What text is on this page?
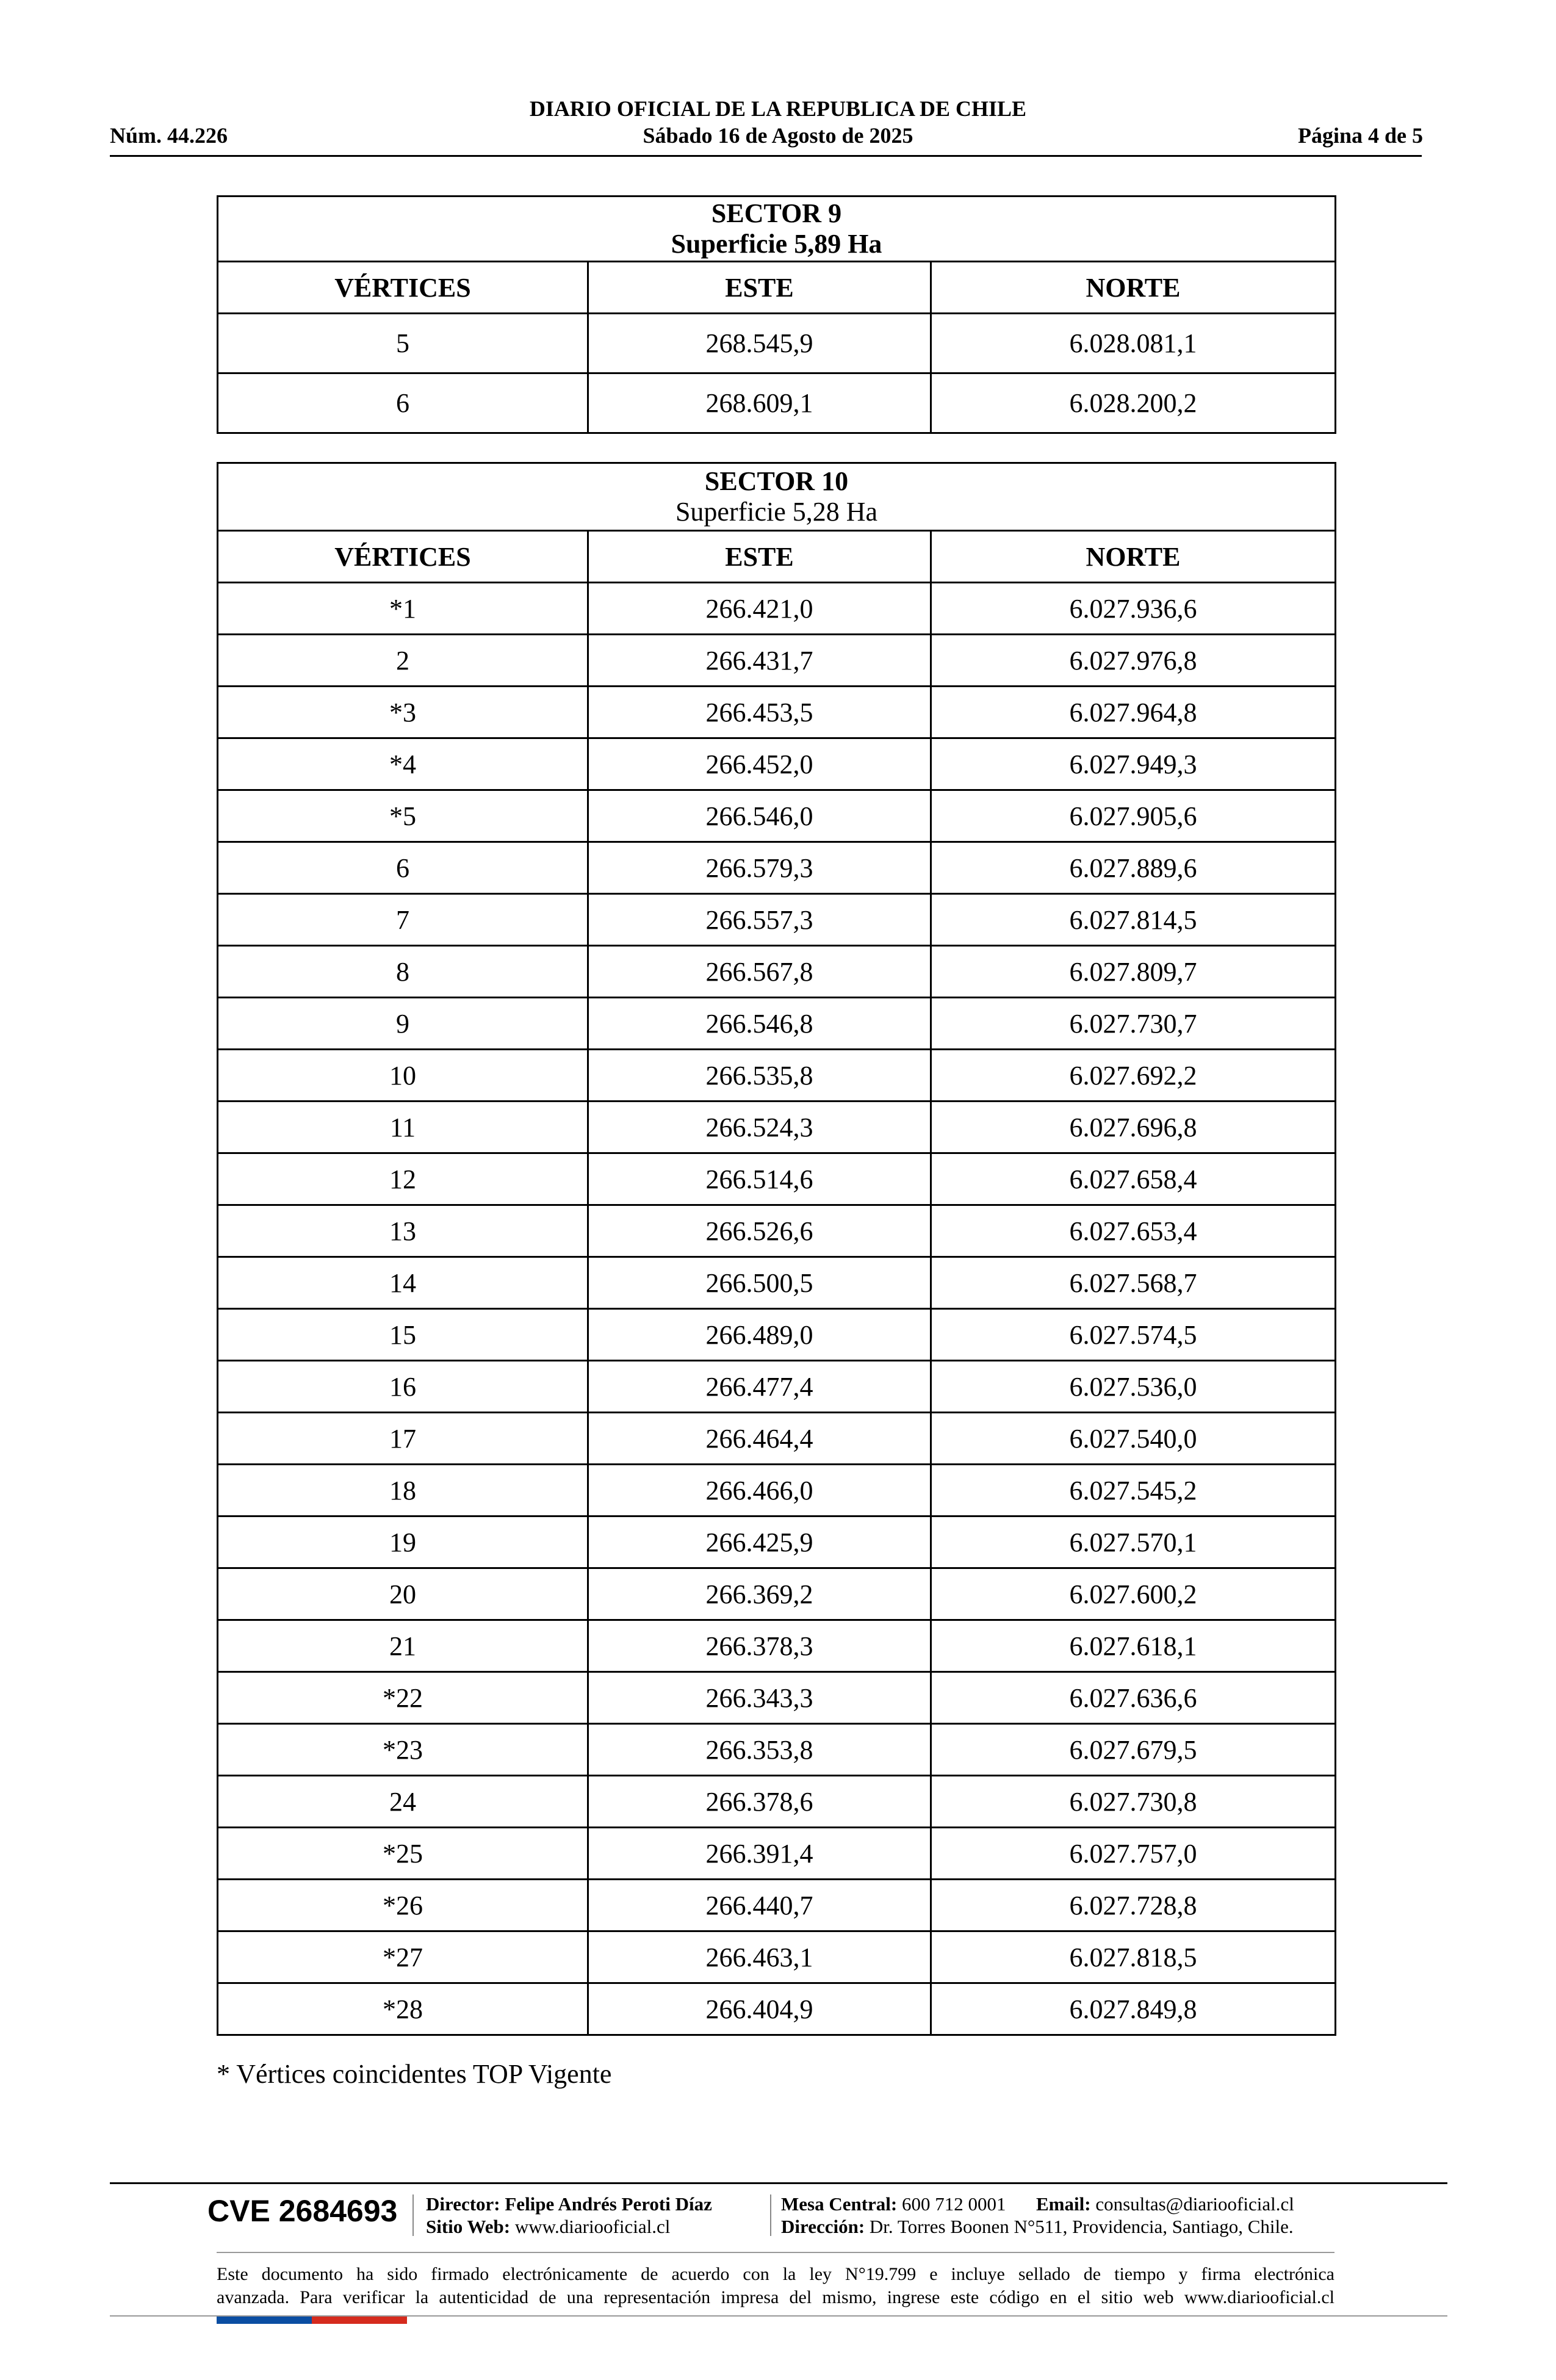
DIARIO OFICIAL DE LA REPUBLICA DE CHILE
Núm. 44.226	Sábado 16 de Agosto de 2025	Página 4 de 5
SECTOR 9
Superficie 5,89 Ha		

VÉRTICES	ESTE	NORTE
5	268.545,9	6.028.081,1
6	268.609,1	6.028.200,2
SECTOR 10
Superficie 5,28 Ha		

VÉRTICES	ESTE	NORTE
*1	266.421,0	6.027.936,6
2	266.431,7	6.027.976,8
*3	266.453,5	6.027.964,8
*4	266.452,0	6.027.949,3
*5	266.546,0	6.027.905,6
6	266.579,3	6.027.889,6
7	266.557,3	6.027.814,5
8	266.567,8	6.027.809,7
9	266.546,8	6.027.730,7
10	266.535,8	6.027.692,2
11	266.524,3	6.027.696,8
12	266.514,6	6.027.658,4
13	266.526,6	6.027.653,4
14	266.500,5	6.027.568,7
15	266.489,0	6.027.574,5
16	266.477,4	6.027.536,0
17	266.464,4	6.027.540,0
18	266.466,0	6.027.545,2
19	266.425,9	6.027.570,1
20	266.369,2	6.027.600,2
21	266.378,3	6.027.618,1
*22	266.343,3	6.027.636,6
*23	266.353,8	6.027.679,5
24	266.378,6	6.027.730,8
*25	266.391,4	6.027.757,0
*26	266.440,7	6.027.728,8
*27	266.463,1	6.027.818,5
*28	266.404,9	6.027.849,8
* Vértices coincidentes TOP Vigente
CVE 2684693 Director: Felipe Andrés Peroti Díaz
Sitio Web: www.diariooficial.cl
Mesa Central: 600 712 0001 Email: consultas@diariooficial.cl
Dirección: Dr. Torres Boonen N°511, Providencia, Santiago, Chile.
Este documento ha sido firmado electrónicamente de acuerdo con la ley N°19.799 e incluye sellado de tiempo y firma electrónica
avanzada. Para verificar la autenticidad de una representación impresa del mismo, ingrese este código en el sitio web www.diariooficial.cl
